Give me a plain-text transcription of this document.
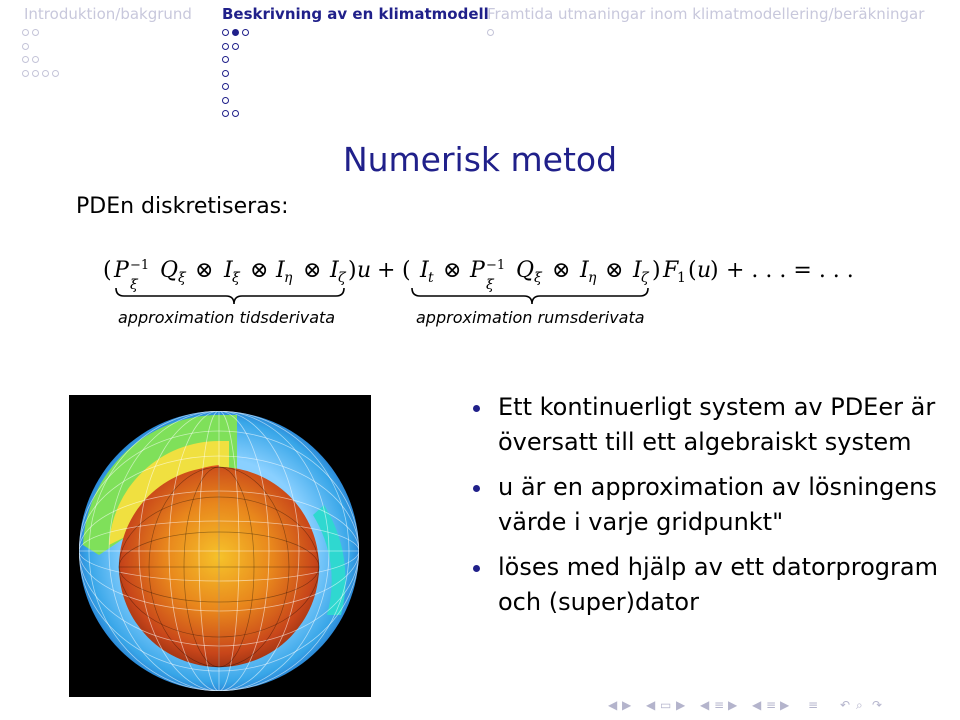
Introduktion/bakgrund Beskrivning av en klimatmodell
Framtida utmaningar inom klimatmodellering/beräkningar
Numerisk metod
PDEn diskretiseras:
( P
ξ
−1 Q ξ ⊗ I ξ ⊗ I η ⊗ I ζ ) u + ( I t ⊗ P
ξ
−1 Q ξ ⊗ I η ⊗ I ζ ) F
1 ( u
) + . . . = . . .
approximation tidsderivata	approximation rumsderivata
Ett kontinuerligt system av PDEer är översatt till ett algebraiskt system
u är en approximation av lösningens värde i varje gridpunkt"
löses med hjälp av ett datorprogram och (super)dator
◀ ▶ ◀ ▭ ▶ ◀ ≡ ▶ ◀ ≡ ▶ ≡ ↶ ⌕ ↷
